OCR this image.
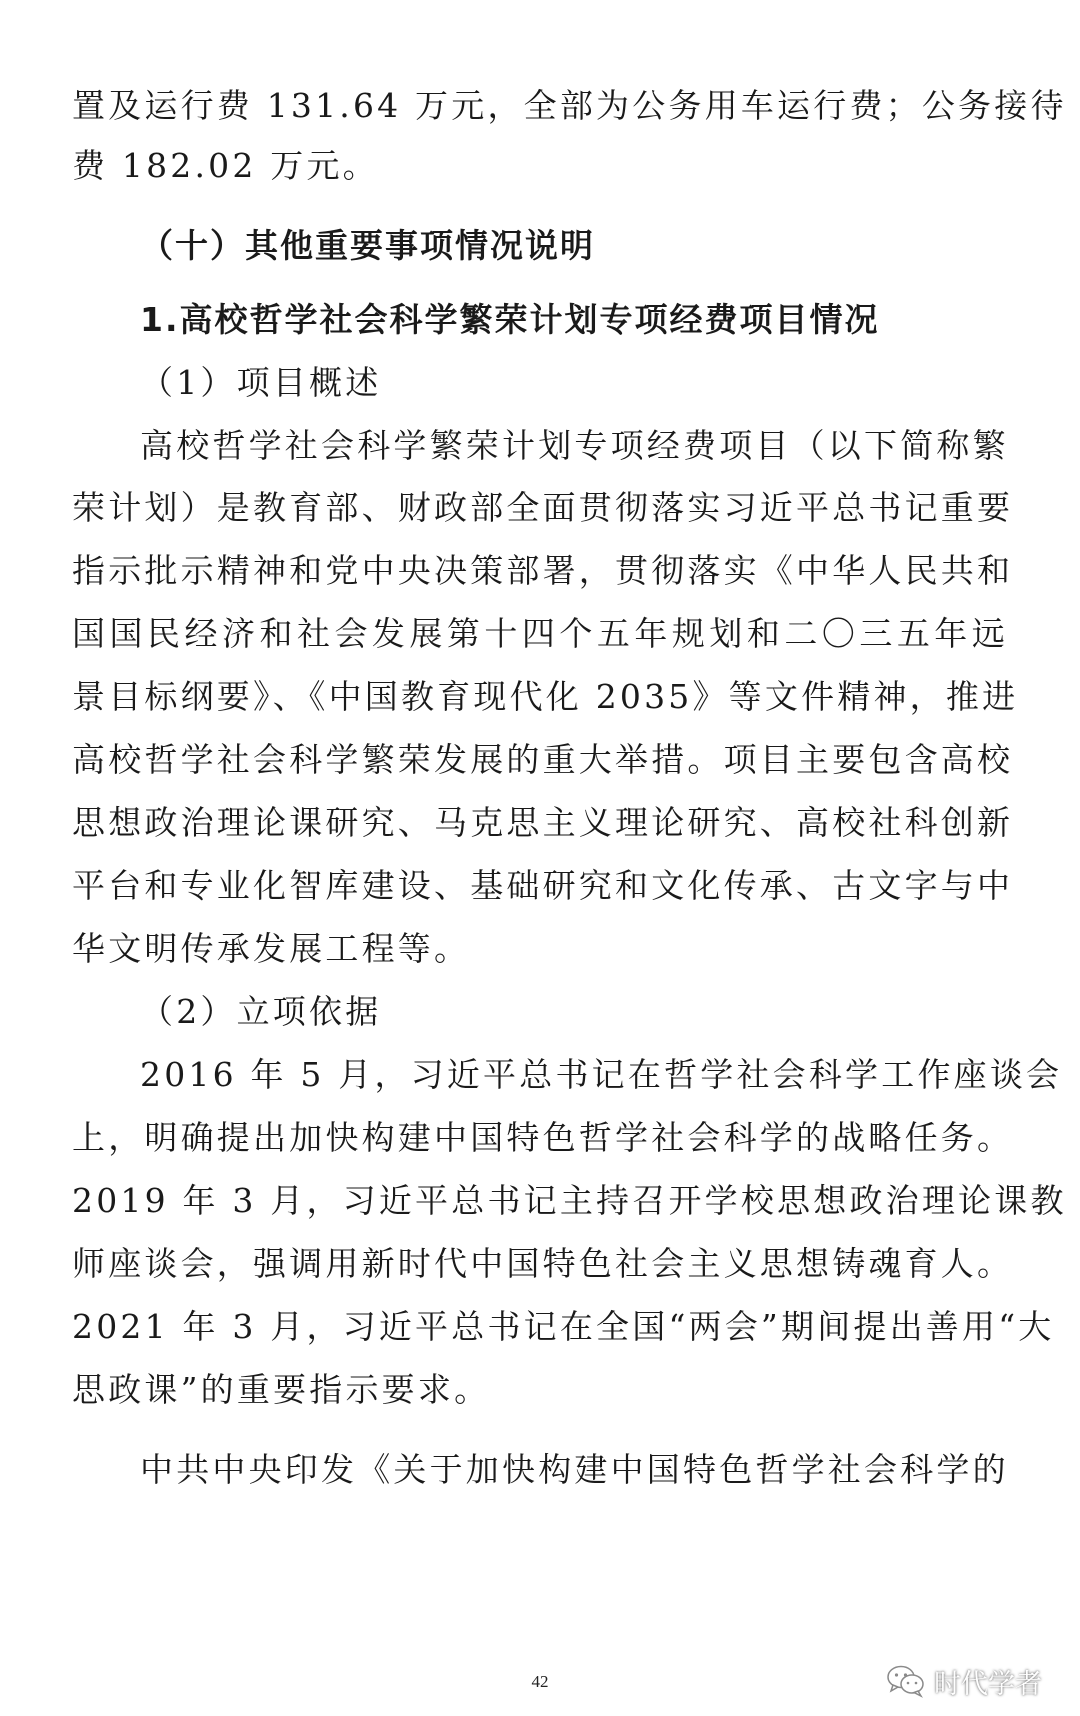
置及运行费 131.64 万元，全部为公务用车运行费；公务接待
费 182.02 万元。
（十）其他重要事项情况说明
1.高校哲学社会科学繁荣计划专项经费项目情况
（1）项目概述
高校哲学社会科学繁荣计划专项经费项目（以下简称繁
荣计划）是教育部、财政部全面贯彻落实习近平总书记重要
指示批示精神和党中央决策部署，贯彻落实《中华人民共和
国国民经济和社会发展第十四个五年规划和二〇三五年远
景目标纲要》、《中国教育现代化 2035》等文件精神，推进
高校哲学社会科学繁荣发展的重大举措。项目主要包含高校
思想政治理论课研究、马克思主义理论研究、高校社科创新
平台和专业化智库建设、基础研究和文化传承、古文字与中
华文明传承发展工程等。
（2）立项依据
2016 年 5 月，习近平总书记在哲学社会科学工作座谈会
上，明确提出加快构建中国特色哲学社会科学的战略任务。
2019 年 3 月，习近平总书记主持召开学校思想政治理论课教
师座谈会，强调用新时代中国特色社会主义思想铸魂育人。
2021 年 3 月，习近平总书记在全国“两会”期间提出善用“大
思政课”的重要指示要求。
中共中央印发《关于加快构建中国特色哲学社会科学的
42	时代学者
